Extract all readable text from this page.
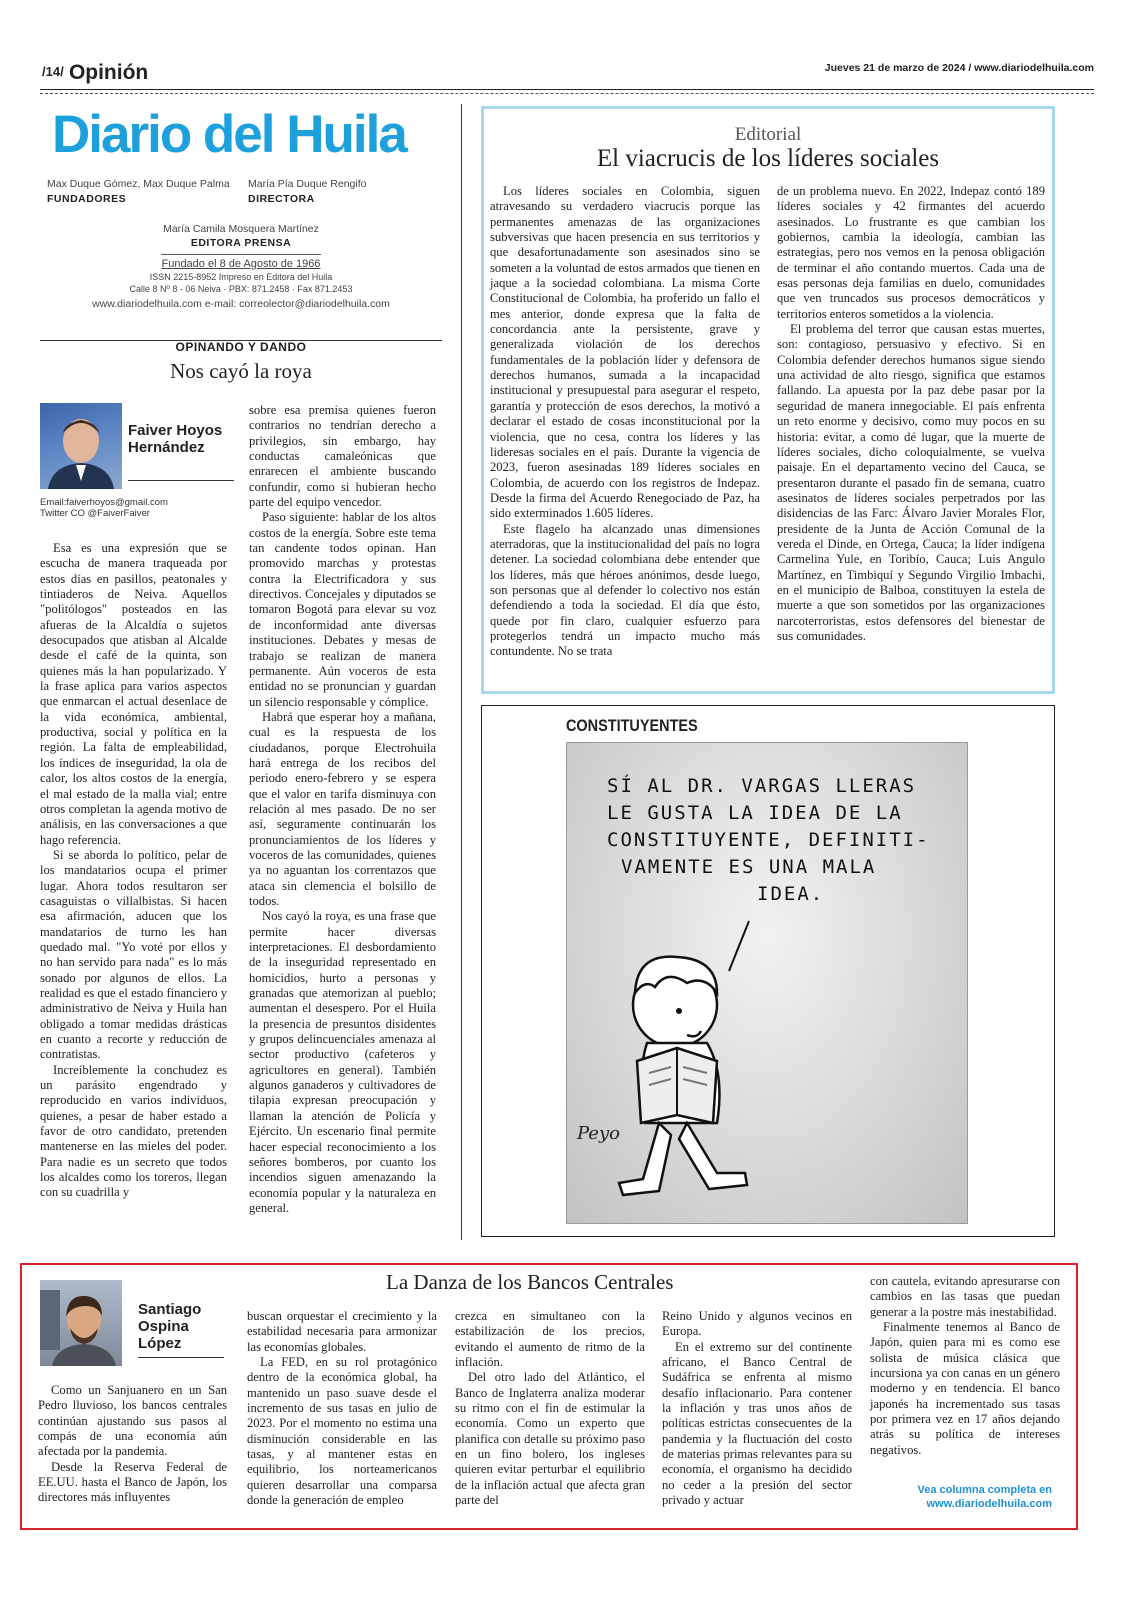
/14/ Opinión	Jueves 21 de marzo de 2024 / www.diariodelhuila.com
Diario del Huila
Max Duque Gómez, Max Duque Palma
FUNDADORES
María Pía Duque Rengifo
DIRECTORA
María Camila Mosquera Martínez
EDITORA PRENSA
Fundado el 8 de Agosto de 1966
ISSN 2215-8952 Impreso en Editora del Huila
Calle 8 Nº 8 - 06 Neiva · PBX: 871.2458 · Fax 871.2453
www.diariodelhuila.com e-mail: correolector@diariodelhuila.com
OPINANDO Y DANDO
Nos cayó la roya
Faiver Hoyos Hernández
Email:faiverhoyos@gmail.com
Twitter CO @FaiverFaiver

Esa es una expresión que se escucha de manera traqueada por estos días en pasillos, peatonales y tintiaderos de Neiva. Aquellos "politólogos" posteados en las afueras de la Alcaldía o sujetos desocupados que atisban al Alcalde desde el café de la quinta, son quienes más la han popularizado. Y la frase aplica para varios aspectos que enmarcan el actual desenlace de la vida económica, ambiental, productiva, social y política en la región. La falta de empleabilidad, los índices de inseguridad, la ola de calor, los altos costos de la energía, el mal estado de la malla vial; entre otros completan la agenda motivo de análisis, en las conversaciones a que hago referencia.

Si se aborda lo político, pelar de los mandatarios ocupa el primer lugar. Ahora todos resultaron ser casaguistas o villalbistas. Si hacen esa afirmación, aducen que los mandatarios de turno les han quedado mal. "Yo voté por ellos y no han servido para nada" es lo más sonado por algunos de ellos. La realidad es que el estado financiero y administrativo de Neiva y Huila han obligado a tomar medidas drásticas en cuanto a recorte y reducción de contratistas.

Increíblemente la conchudez es un parásito engendrado y reproducido en varios individuos, quienes, a pesar de haber estado a favor de otro candidato, pretenden mantenerse en las mieles del poder. Para nadie es un secreto que todos los alcaldes como los toreros, llegan con su cuadrilla y

sobre esa premisa quienes fueron contrarios no tendrían derecho a privilegios, sin embargo, hay conductas camaleónicas que enrarecen el ambiente buscando confundir, como si hubieran hecho parte del equipo vencedor.

Paso siguiente: hablar de los altos costos de la energía. Sobre este tema tan candente todos opinan. Han promovido marchas y protestas contra la Electrificadora y sus directivos. Concejales y diputados se tomaron Bogotá para elevar su voz de inconformidad ante diversas instituciones. Debates y mesas de trabajo se realizan de manera permanente. Aún voceros de esta entidad no se pronuncian y guardan un silencio responsable y cómplice.

Habrá que esperar hoy a mañana, cual es la respuesta de los ciudadanos, porque Electrohuila hará entrega de los recibos del periodo enero-febrero y se espera que el valor en tarifa disminuya con relación al mes pasado. De no ser así, seguramente continuarán los pronunciamientos de los líderes y voceros de las comunidades, quienes ya no aguantan los correntazos que ataca sin clemencia el bolsillo de todos.

Nos cayó la roya, es una frase que permite hacer diversas interpretaciones. El desbordamiento de la inseguridad representado en homicidios, hurto a personas y granadas que atemorizan al pueblo; aumentan el desespero. Por el Huila la presencia de presuntos disidentes y grupos delincuenciales amenaza al sector productivo (cafeteros y agricultores en general). También algunos ganaderos y cultivadores de tilapia expresan preocupación y llaman la atención de Policía y Ejército. Un escenario final permite hacer especial reconocimiento a los señores bomberos, por cuanto los incendios siguen amenazando la economía popular y la naturaleza en general.

Editorial
El viacrucis de los líderes sociales

Los líderes sociales en Colombia, siguen atravesando su verdadero viacrucis porque las permanentes amenazas de las organizaciones subversivas que hacen presencia en sus territorios y que desafortunadamente son asesinados sino se someten a la voluntad de estos armados que tienen en jaque a la sociedad colombiana. La misma Corte Constitucional de Colombia, ha proferido un fallo el mes anterior, donde expresa que la falta de concordancia ante la persistente, grave y generalizada violación de los derechos fundamentales de la población líder y defensora de derechos humanos, sumada a la incapacidad institucional y presupuestal para asegurar el respeto, garantía y protección de esos derechos, la motivó a declarar el estado de cosas inconstitucional por la violencia, que no cesa, contra los líderes y las lideresas sociales en el país. Durante la vigencia de 2023, fueron asesinadas 189 líderes sociales en Colombia, de acuerdo con los registros de Indepaz. Desde la firma del Acuerdo Renegociado de Paz, ha sido exterminados 1.605 líderes.

Este flagelo ha alcanzado unas dimensiones aterradoras, que la institucionalidad del país no logra detener. La sociedad colombiana debe entender que los líderes, más que héroes anónimos, desde luego, son personas que al defender lo colectivo nos están defendiendo a toda la sociedad. El día que ésto, quede por fin claro, cualquier esfuerzo para protegerlos tendrá un impacto mucho más contundente. No se trata

de un problema nuevo. En 2022, Indepaz contó 189 líderes sociales y 42 firmantes del acuerdo asesinados. Lo frustrante es que cambian los gobiernos, cambia la ideología, cambian las estrategias, pero nos vemos en la penosa obligación de terminar el año contando muertos. Cada una de esas personas deja familias en duelo, comunidades que ven truncados sus procesos democráticos y territorios enteros sometidos a la violencia.

El problema del terror que causan estas muertes, son: contagioso, persuasivo y efectivo. Si en Colombia defender derechos humanos sigue siendo una actividad de alto riesgo, significa que estamos fallando. La apuesta por la paz debe pasar por la seguridad de manera innegociable. El país enfrenta un reto enorme y decisivo, como muy pocos en su historia: evitar, a como dé lugar, que la muerte de líderes sociales, dicho coloquialmente, se vuelva paisaje. En el departamento vecino del Cauca, se presentaron durante el pasado fin de semana, cuatro asesinatos de líderes sociales perpetrados por las disidencias de las Farc: Álvaro Javier Morales Flor, presidente de la Junta de Acción Comunal de la vereda el Dinde, en Ortega, Cauca; la líder indígena Carmelina Yule, en Toribío, Cauca; Luis Angulo Martínez, en Timbiquí y Segundo Virgilio Imbachi, en el municipio de Balboa, constituyen la estela de muerte a que son sometidos por las organizaciones narcoterroristas, estos defensores del bienestar de sus comunidades.

CONSTITUYENTES
SÍ AL DR. VARGAS LLERAS
LE GUSTA LA IDEA DE LA
CONSTITUYENTE, DEFINITI-
VAMENTE ES UNA MALA
IDEA.
Peyo
La Danza de los Bancos Centrales
Santiago Ospina López

Como un Sanjuanero en un San Pedro lluvioso, los bancos centrales continúan ajustando sus pasos al compás de una economía aún afectada por la pandemia.

Desde la Reserva Federal de EE.UU. hasta el Banco de Japón, los directores más influyentes

buscan orquestar el crecimiento y la estabilidad necesaria para armonizar las economías globales.

La FED, en su rol protagónico dentro de la económica global, ha mantenido un paso suave desde el incremento de sus tasas en julio de 2023. Por el momento no estima una disminución considerable en las tasas, y al mantener estas en equilibrio, los norteamericanos quieren desarrollar una comparsa donde la generación de empleo

crezca en simultaneo con la estabilización de los precios, evitando el aumento de ritmo de la inflación.

Del otro lado del Atlántico, el Banco de Inglaterra analiza moderar su ritmo con el fin de estimular la economía. Como un experto que planifica con detalle su próximo paso en un fino bolero, los ingleses quieren evitar perturbar el equilibrio de la inflación actual que afecta gran parte del

Reino Unido y algunos vecinos en Europa.

En el extremo sur del continente africano, el Banco Central de Sudáfrica se enfrenta al mismo desafío inflacionario. Para contener la inflación y tras unos años de políticas estrictas consecuentes de la pandemia y la fluctuación del costo de materias primas relevantes para su economía, el organismo ha decidido no ceder a la presión del sector privado y actuar

con cautela, evitando apresurarse con cambios en las tasas que puedan generar a la postre más inestabilidad.

Finalmente tenemos al Banco de Japón, quien para mi es como ese solista de música clásica que incursiona ya con canas en un género moderno y en tendencia. El banco japonés ha incrementado sus tasas por primera vez en 17 años dejando atrás su política de intereses negativos.

Vea columna completa en www.diariodelhuila.com
